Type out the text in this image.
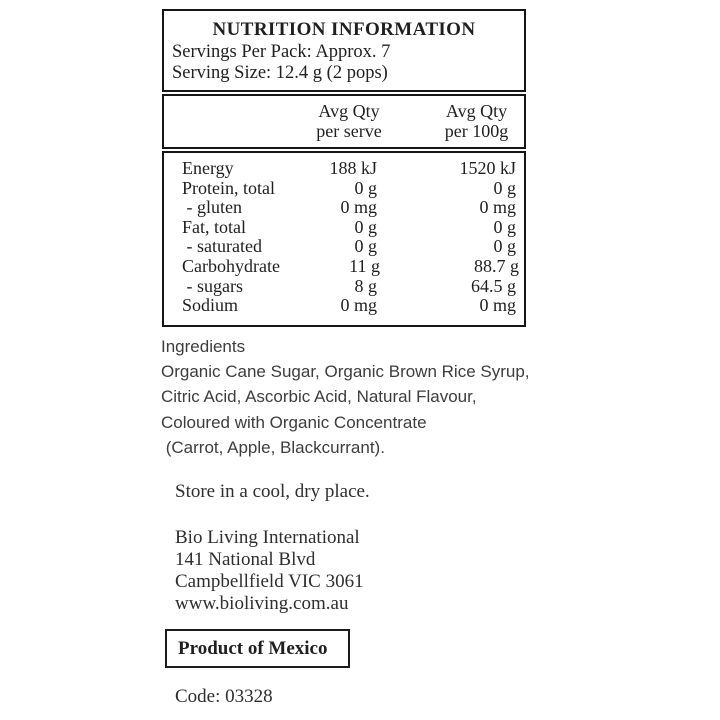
NUTRITION INFORMATION
Servings Per Pack: Approx. 7
Serving Size: 12.4 g (2 pops)
Avg Qty
per serve
Avg Qty
per 100g
Energy	188 kJ	1520 kJ
Protein, total	0 g	0 g
- gluten	0 mg	0 mg
Fat, total	0 g	0 g
- saturated	0 g	0 g
Carbohydrate	11 g	88.7 g
- sugars	8 g	64.5 g
Sodium	0 mg	0 mg
Ingredients
Organic Cane Sugar, Organic Brown Rice Syrup,
Citric Acid, Ascorbic Acid, Natural Flavour,
Coloured with Organic Concentrate
(Carrot, Apple, Blackcurrant).
Store in a cool, dry place.
Bio Living International
141 National Blvd
Campbellfield VIC 3061
www.bioliving.com.au
Product of Mexico
Code: 03328
